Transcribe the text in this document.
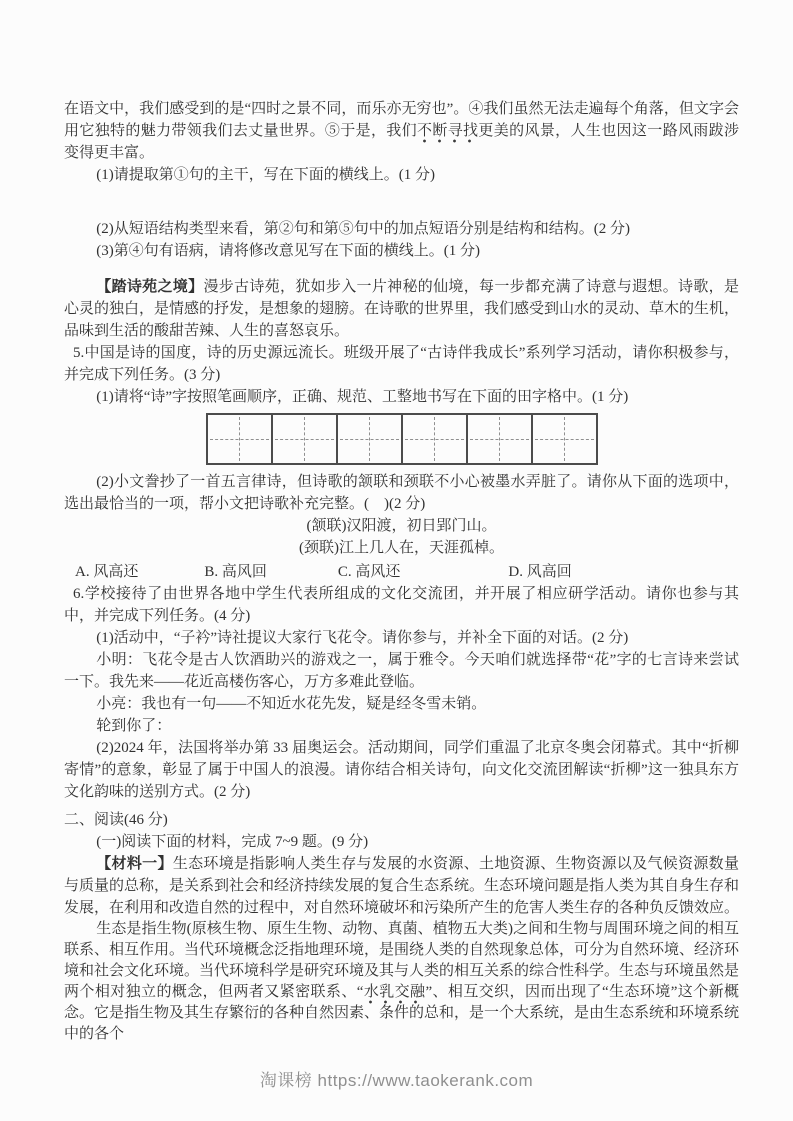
在语文中，我们感受到的是“四时之景不同，而乐亦无穷也”。④我们虽然无法走遍每个角落，但文字会用它独特的魅力带领我们去丈量世界。⑤于是，我们不断寻找更美的风景，人生也因这一路风雨跋涉变得更丰富。

(1)请提取第①句的主干，写在下面的横线上。(1 分)

(2)从短语结构类型来看，第②句和第⑤句中的加点短语分别是结构和结构。(2 分)

(3)第④句有语病，请将修改意见写在下面的横线上。(1 分)

【踏诗苑之境】漫步古诗苑，犹如步入一片神秘的仙境，每一步都充满了诗意与遐想。诗歌，是心灵的独白，是情感的抒发，是想象的翅膀。在诗歌的世界里，我们感受到山水的灵动、草木的生机，品味到生活的酸甜苦辣、人生的喜怒哀乐。

5.中国是诗的国度，诗的历史源远流长。班级开展了“古诗伴我成长”系列学习活动，请你积极参与，并完成下列任务。(3 分)

(1)请将“诗”字按照笔画顺序，正确、规范、工整地书写在下面的田字格中。(1 分)

(2)小文誊抄了一首五言律诗，但诗歌的颔联和颈联不小心被墨水弄脏了。请你从下面的选项中，选出最恰当的一项，帮小文把诗歌补充完整。(　)(2 分)

(颔联)汉阳渡，初日郢门山。

(颈联)江上几人在，天涯孤棹。

A. 风高还	B. 高风回	C. 高风还	D. 风高回

6.学校接待了由世界各地中学生代表所组成的文化交流团，并开展了相应研学活动。请你也参与其中，并完成下列任务。(4 分)

(1)活动中，“子衿”诗社提议大家行飞花令。请你参与，并补全下面的对话。(2 分)

小明：飞花令是古人饮酒助兴的游戏之一，属于雅令。今天咱们就选择带“花”字的七言诗来尝试一下。我先来——花近高楼伤客心，万方多难此登临。

小亮：我也有一句——不知近水花先发，疑是经冬雪未销。

轮到你了：

(2)2024 年，法国将举办第 33 届奥运会。活动期间，同学们重温了北京冬奥会闭幕式。其中“折柳寄情”的意象，彰显了属于中国人的浪漫。请你结合相关诗句，向文化交流团解读“折柳”这一独具东方文化韵味的送别方式。(2 分)

二、阅读(46 分)

(一)阅读下面的材料，完成 7~9 题。(9 分)

【材料一】生态环境是指影响人类生存与发展的水资源、土地资源、生物资源以及气候资源数量与质量的总称，是关系到社会和经济持续发展的复合生态系统。生态环境问题是指人类为其自身生存和发展，在利用和改造自然的过程中，对自然环境破坏和污染所产生的危害人类生存的各种负反馈效应。

生态是指生物(原核生物、原生生物、动物、真菌、植物五大类)之间和生物与周围环境之间的相互联系、相互作用。当代环境概念泛指地理环境，是围绕人类的自然现象总体，可分为自然环境、经济环境和社会文化环境。当代环境科学是研究环境及其与人类的相互关系的综合性科学。生态与环境虽然是两个相对独立的概念，但两者又紧密联系、“水乳交融”、相互交织，因而出现了“生态环境”这个新概念。它是指生物及其生存繁衍的各种自然因素、条件的总和，是一个大系统，是由生态系统和环境系统中的各个

淘课榜 https://www.taokerank.com
